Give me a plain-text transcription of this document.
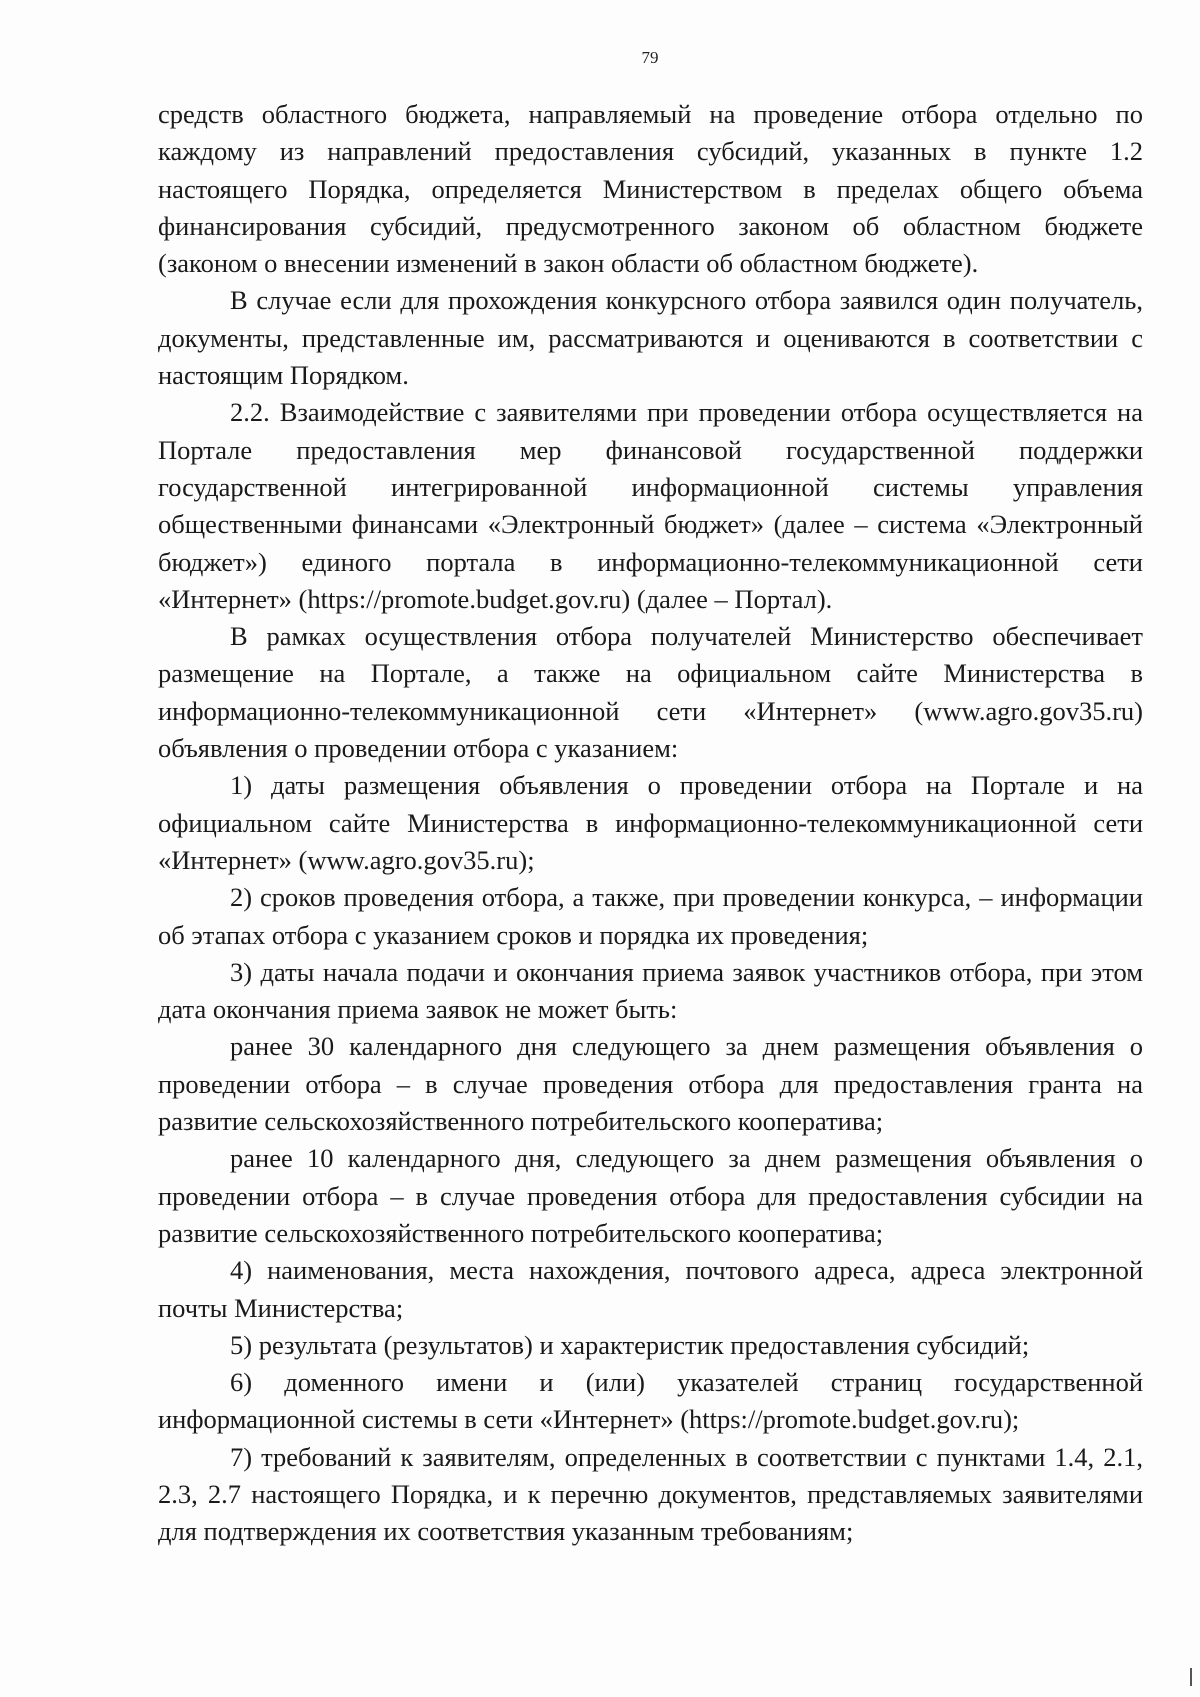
79

средств областного бюджета, направляемый на проведение отбора отдельно по каждому из направлений предоставления субсидий, указанных в пункте 1.2 настоящего Порядка, определяется Министерством в пределах общего объема финансирования субсидий, предусмотренного законом об областном бюджете (законом о внесении изменений в закон области об областном бюджете).

В случае если для прохождения конкурсного отбора заявился один получатель, документы, представленные им, рассматриваются и оцениваются в соответствии с настоящим Порядком.

2.2. Взаимодействие с заявителями при проведении отбора осуществляется на Портале предоставления мер финансовой государственной поддержки государственной интегрированной информационной системы управления общественными финансами «Электронный бюджет» (далее – система «Электронный бюджет») единого портала в информационно-телекоммуникационной сети «Интернет» (https://promote.budget.gov.ru) (далее – Портал).

В рамках осуществления отбора получателей Министерство обеспечивает размещение на Портале, а также на официальном сайте Министерства в информационно-телекоммуникационной сети «Интернет» (www.agro.gov35.ru) объявления о проведении отбора с указанием:

1) даты размещения объявления о проведении отбора на Портале и на официальном сайте Министерства в информационно-телекоммуникационной сети «Интернет» (www.agro.gov35.ru);

2) сроков проведения отбора, а также, при проведении конкурса, – информации об этапах отбора с указанием сроков и порядка их проведения;

3) даты начала подачи и окончания приема заявок участников отбора, при этом дата окончания приема заявок не может быть:

ранее 30 календарного дня следующего за днем размещения объявления о проведении отбора – в случае проведения отбора для предоставления гранта на развитие сельскохозяйственного потребительского кооператива;

ранее 10 календарного дня, следующего за днем размещения объявления о проведении отбора – в случае проведения отбора для предоставления субсидии на развитие сельскохозяйственного потребительского кооператива;

4) наименования, места нахождения, почтового адреса, адреса электронной почты Министерства;

5) результата (результатов) и характеристик предоставления субсидий;

6) доменного имени и (или) указателей страниц государственной информационной системы в сети «Интернет» (https://promote.budget.gov.ru);

7) требований к заявителям, определенных в соответствии с пунктами 1.4, 2.1, 2.3, 2.7 настоящего Порядка, и к перечню документов, представляемых заявителями для подтверждения их соответствия указанным требованиям;
